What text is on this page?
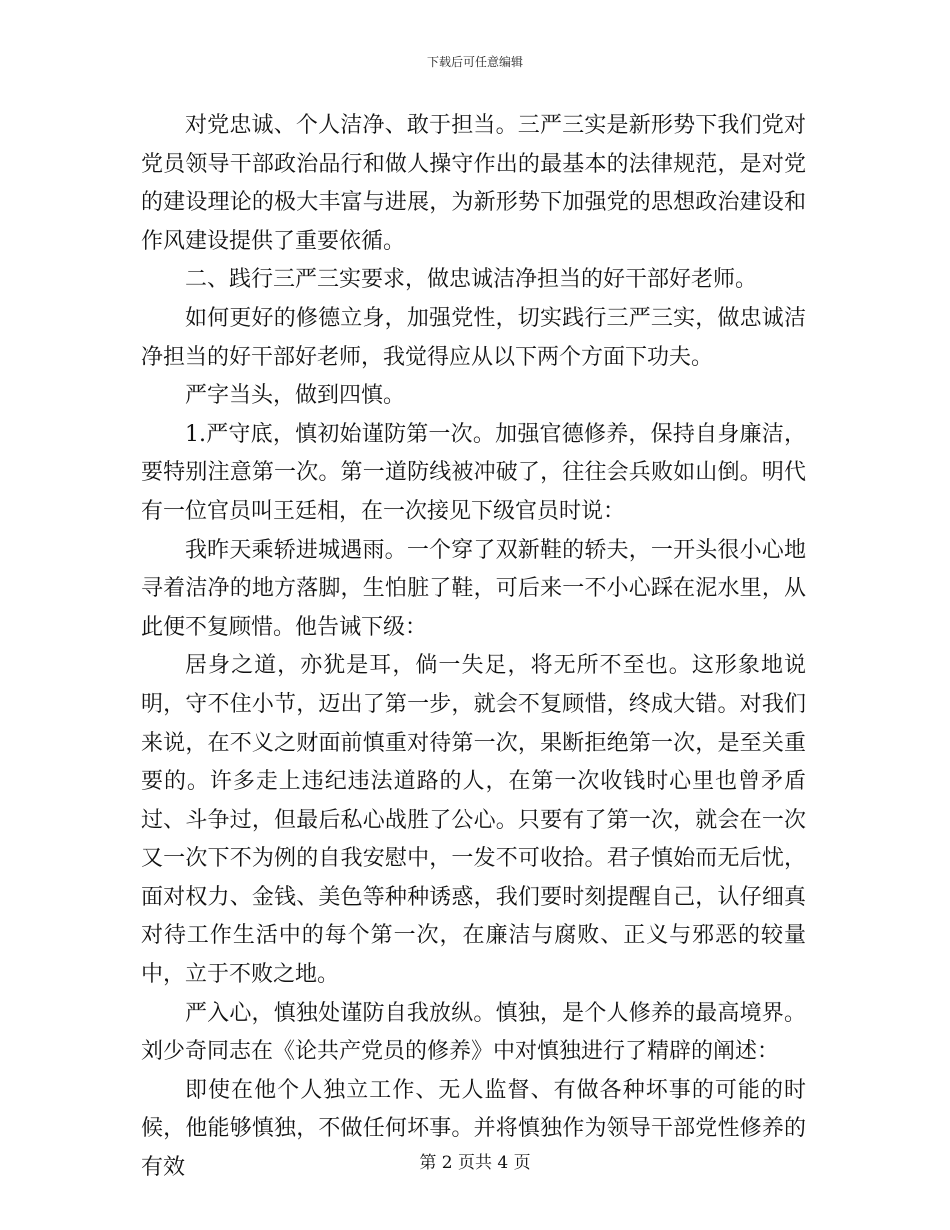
下载后可任意编辑

对党忠诚、个人洁净、敢于担当。三严三实是新形势下我们党对党员领导干部政治品行和做人操守作出的最基本的法律规范，是对党的建设理论的极大丰富与进展，为新形势下加强党的思想政治建设和作风建设提供了重要依循。

二、践行三严三实要求，做忠诚洁净担当的好干部好老师。

如何更好的修德立身，加强党性，切实践行三严三实，做忠诚洁净担当的好干部好老师，我觉得应从以下两个方面下功夫。

严字当头，做到四慎。

1.严守底，慎初始谨防第一次。加强官德修养，保持自身廉洁，要特别注意第一次。第一道防线被冲破了，往往会兵败如山倒。明代有一位官员叫王廷相，在一次接见下级官员时说：

我昨天乘轿进城遇雨。一个穿了双新鞋的轿夫，一开头很小心地寻着洁净的地方落脚，生怕脏了鞋，可后来一不小心踩在泥水里，从此便不复顾惜。他告诫下级：

居身之道，亦犹是耳，倘一失足，将无所不至也。这形象地说明，守不住小节，迈出了第一步，就会不复顾惜，终成大错。对我们来说，在不义之财面前慎重对待第一次，果断拒绝第一次，是至关重要的。许多走上违纪违法道路的人，在第一次收钱时心里也曾矛盾过、斗争过，但最后私心战胜了公心。只要有了第一次，就会在一次又一次下不为例的自我安慰中，一发不可收拾。君子慎始而无后忧，面对权力、金钱、美色等种种诱惑，我们要时刻提醒自己，认仔细真对待工作生活中的每个第一次，在廉洁与腐败、正义与邪恶的较量中，立于不败之地。

严入心，慎独处谨防自我放纵。慎独，是个人修养的最高境界。刘少奇同志在《论共产党员的修养》中对慎独进行了精辟的阐述：

即使在他个人独立工作、无人监督、有做各种坏事的可能的时候，他能够慎独，不做任何坏事。并将慎独作为领导干部党性修养的有效	第 2 页共 4 页
